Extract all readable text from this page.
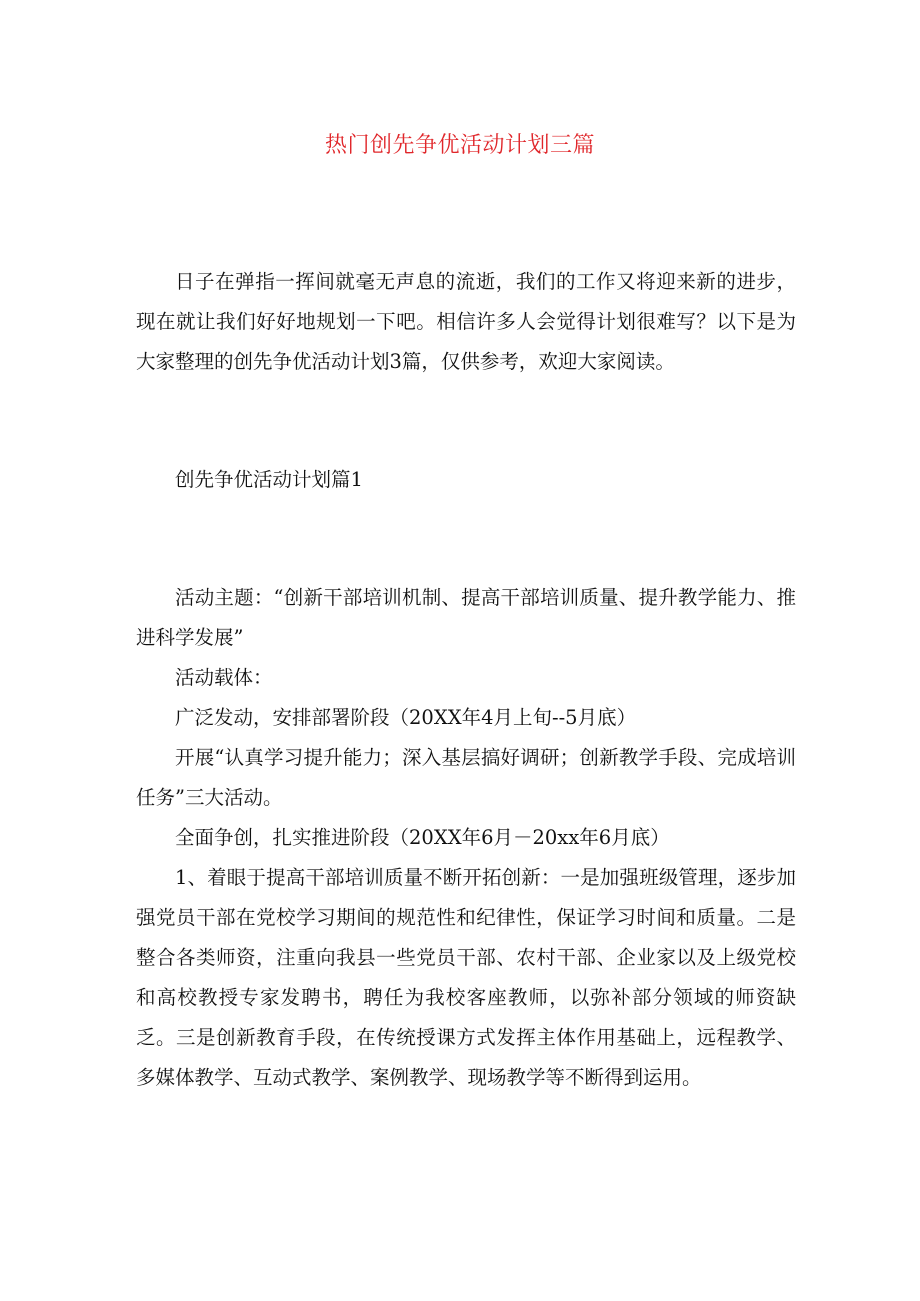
热门创先争优活动计划三篇

日子在弹指一挥间就毫无声息的流逝，我们的工作又将迎来新的进步，现在就让我们好好地规划一下吧。相信许多人会觉得计划很难写？以下是为大家整理的创先争优活动计划3篇，仅供参考，欢迎大家阅读。

创先争优活动计划篇1

活动主题：“创新干部培训机制、提高干部培训质量、提升教学能力、推进科学发展”

活动载体：

广泛发动，安排部署阶段（20XX年4月上旬--5月底）

开展“认真学习提升能力；深入基层搞好调研；创新教学手段、完成培训任务”三大活动。

全面争创，扎实推进阶段（20XX年6月－20xx年6月底）

1、着眼于提高干部培训质量不断开拓创新：一是加强班级管理，逐步加强党员干部在党校学习期间的规范性和纪律性，保证学习时间和质量。二是整合各类师资，注重向我县一些党员干部、农村干部、企业家以及上级党校和高校教授专家发聘书，聘任为我校客座教师，以弥补部分领域的师资缺乏。三是创新教育手段，在传统授课方式发挥主体作用基础上，远程教学、多媒体教学、互动式教学、案例教学、现场教学等不断得到运用。
